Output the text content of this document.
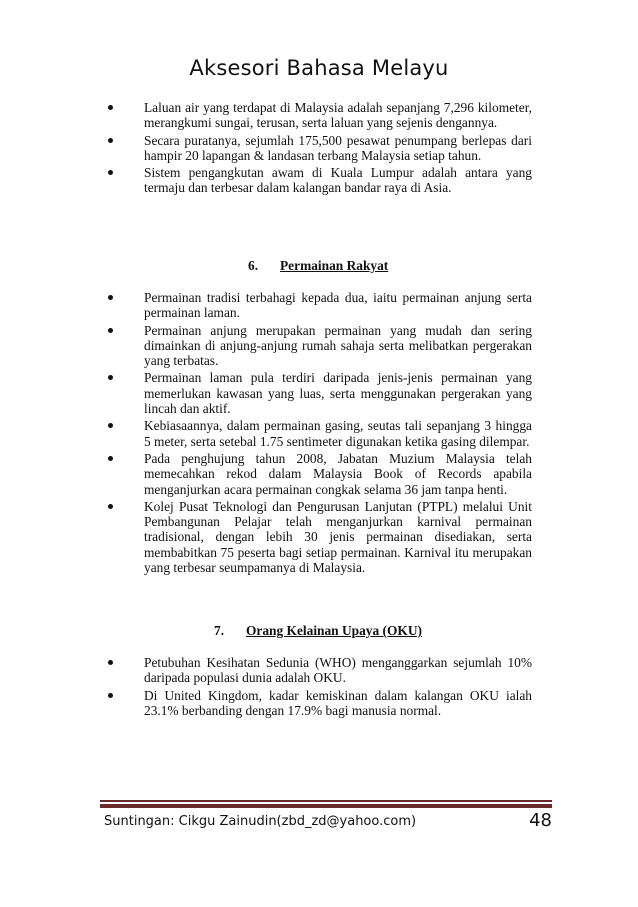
Aksesori Bahasa Melayu
Laluan air yang terdapat di Malaysia adalah sepanjang 7,296 kilometer, merangkumi sungai, terusan, serta laluan yang sejenis dengannya.
Secara puratanya, sejumlah 175,500 pesawat penumpang berlepas dari hampir 20 lapangan & landasan terbang Malaysia setiap tahun.
Sistem pengangkutan awam di Kuala Lumpur adalah antara yang termaju dan terbesar dalam kalangan bandar raya di Asia.
6. Permainan Rakyat
Permainan tradisi terbahagi kepada dua, iaitu permainan anjung serta permainan laman.
Permainan anjung merupakan permainan yang mudah dan sering dimainkan di anjung-anjung rumah sahaja serta melibatkan pergerakan yang terbatas.
Permainan laman pula terdiri daripada jenis-jenis permainan yang memerlukan kawasan yang luas, serta menggunakan pergerakan yang lincah dan aktif.
Kebiasaannya, dalam permainan gasing, seutas tali sepanjang 3 hingga 5 meter, serta setebal 1.75 sentimeter digunakan ketika gasing dilempar.
Pada penghujung tahun 2008, Jabatan Muzium Malaysia telah memecahkan rekod dalam Malaysia Book of Records apabila menganjurkan acara permainan congkak selama 36 jam tanpa henti.
Kolej Pusat Teknologi dan Pengurusan Lanjutan (PTPL) melalui Unit Pembangunan Pelajar telah menganjurkan karnival permainan tradisional, dengan lebih 30 jenis permainan disediakan, serta membabitkan 75 peserta bagi setiap permainan. Karnival itu merupakan yang terbesar seumpamanya di Malaysia.
7. Orang Kelainan Upaya (OKU)
Petubuhan Kesihatan Sedunia (WHO) menganggarkan sejumlah 10% daripada populasi dunia adalah OKU.
Di United Kingdom, kadar kemiskinan dalam kalangan OKU ialah 23.1% berbanding dengan 17.9% bagi manusia normal.
Suntingan: Cikgu Zainudin(zbd_zd@yahoo.com)	48
